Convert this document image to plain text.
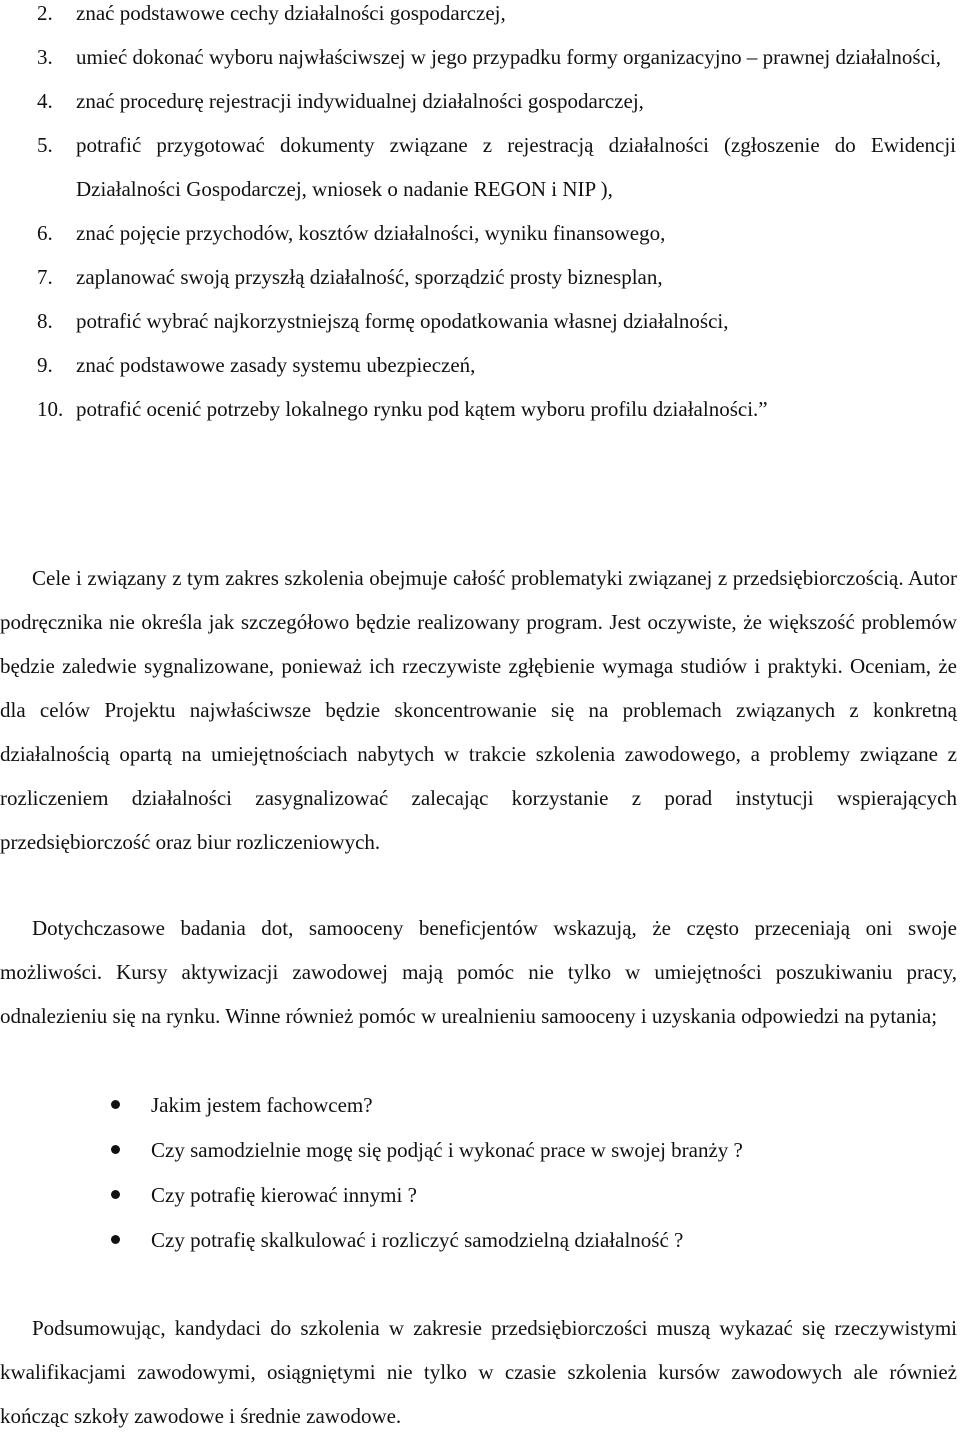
2. znać podstawowe cechy działalności gospodarczej,
3. umieć dokonać wyboru najwłaściwszej w jego przypadku formy organizacyjno – prawnej działalności,
4. znać procedurę rejestracji indywidualnej działalności gospodarczej,
5. potrafić przygotować dokumenty związane z rejestracją działalności (zgłoszenie do Ewidencji Działalności Gospodarczej, wniosek o nadanie REGON i NIP ),
6. znać pojęcie przychodów, kosztów działalności, wyniku finansowego,
7. zaplanować swoją przyszłą działalność, sporządzić prosty biznesplan,
8. potrafić wybrać najkorzystniejszą formę opodatkowania własnej działalności,
9. znać podstawowe zasady systemu ubezpieczeń,
10. potrafić ocenić potrzeby lokalnego rynku pod kątem wyboru profilu działalności.”

Cele i związany z tym zakres szkolenia obejmuje całość problematyki związanej z przedsiębiorczością. Autor podręcznika nie określa jak szczegółowo będzie realizowany program. Jest oczywiste, że większość problemów będzie zaledwie sygnalizowane, ponieważ ich rzeczywiste zgłębienie wymaga studiów i praktyki. Oceniam, że dla celów Projektu najwłaściwsze będzie skoncentrowanie się na problemach związanych z konkretną działalnością opartą na umiejętnościach nabytych w trakcie szkolenia zawodowego, a problemy związane z rozliczeniem działalności zasygnalizować zalecając korzystanie z porad instytucji wspierających przedsiębiorczość oraz biur rozliczeniowych.

Dotychczasowe badania dot, samooceny beneficjentów wskazują, że często przeceniają oni swoje możliwości. Kursy aktywizacji zawodowej mają pomóc nie tylko w umiejętności poszukiwaniu pracy, odnalezieniu się na rynku. Winne również pomóc w urealnieniu samooceny i uzyskania odpowiedzi na pytania;

Jakim jestem fachowcem?
Czy samodzielnie mogę się podjąć i wykonać prace w swojej branży ?
Czy potrafię kierować innymi ?
Czy potrafię skalkulować i rozliczyć samodzielną działalność ?

Podsumowując, kandydaci do szkolenia w zakresie przedsiębiorczości muszą wykazać się rzeczywistymi kwalifikacjami zawodowymi, osiągniętymi nie tylko w czasie szkolenia kursów zawodowych ale również kończąc szkoły zawodowe i średnie zawodowe.
